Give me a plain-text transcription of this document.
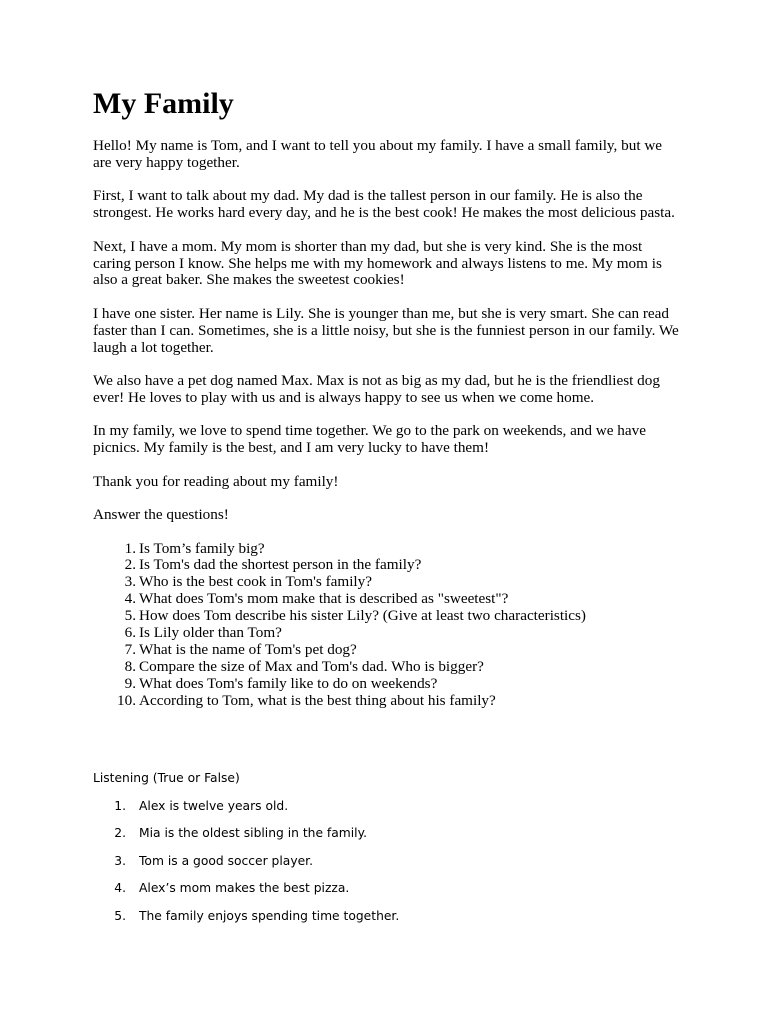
My Family

Hello! My name is Tom, and I want to tell you about my family. I have a small family, but we are very happy together.

First, I want to talk about my dad. My dad is the tallest person in our family. He is also the strongest. He works hard every day, and he is the best cook! He makes the most delicious pasta.

Next, I have a mom. My mom is shorter than my dad, but she is very kind. She is the most caring person I know. She helps me with my homework and always listens to me. My mom is also a great baker. She makes the sweetest cookies!

I have one sister. Her name is Lily. She is younger than me, but she is very smart. She can read faster than I can. Sometimes, she is a little noisy, but she is the funniest person in our family. We laugh a lot together.

We also have a pet dog named Max. Max is not as big as my dad, but he is the friendliest dog ever! He loves to play with us and is always happy to see us when we come home.

In my family, we love to spend time together. We go to the park on weekends, and we have picnics. My family is the best, and I am very lucky to have them!

Thank you for reading about my family!

Answer the questions!

1. Is Tom’s family big?
2. Is Tom's dad the shortest person in the family?
3. Who is the best cook in Tom's family?
4. What does Tom's mom make that is described as "sweetest"?
5. How does Tom describe his sister Lily? (Give at least two characteristics)
6. Is Lily older than Tom?
7. What is the name of Tom's pet dog?
8. Compare the size of Max and Tom's dad. Who is bigger?
9. What does Tom's family like to do on weekends?
10. According to Tom, what is the best thing about his family?

Listening (True or False)

1. Alex is twelve years old.
2. Mia is the oldest sibling in the family.
3. Tom is a good soccer player.
4. Alex’s mom makes the best pizza.
5. The family enjoys spending time together.
